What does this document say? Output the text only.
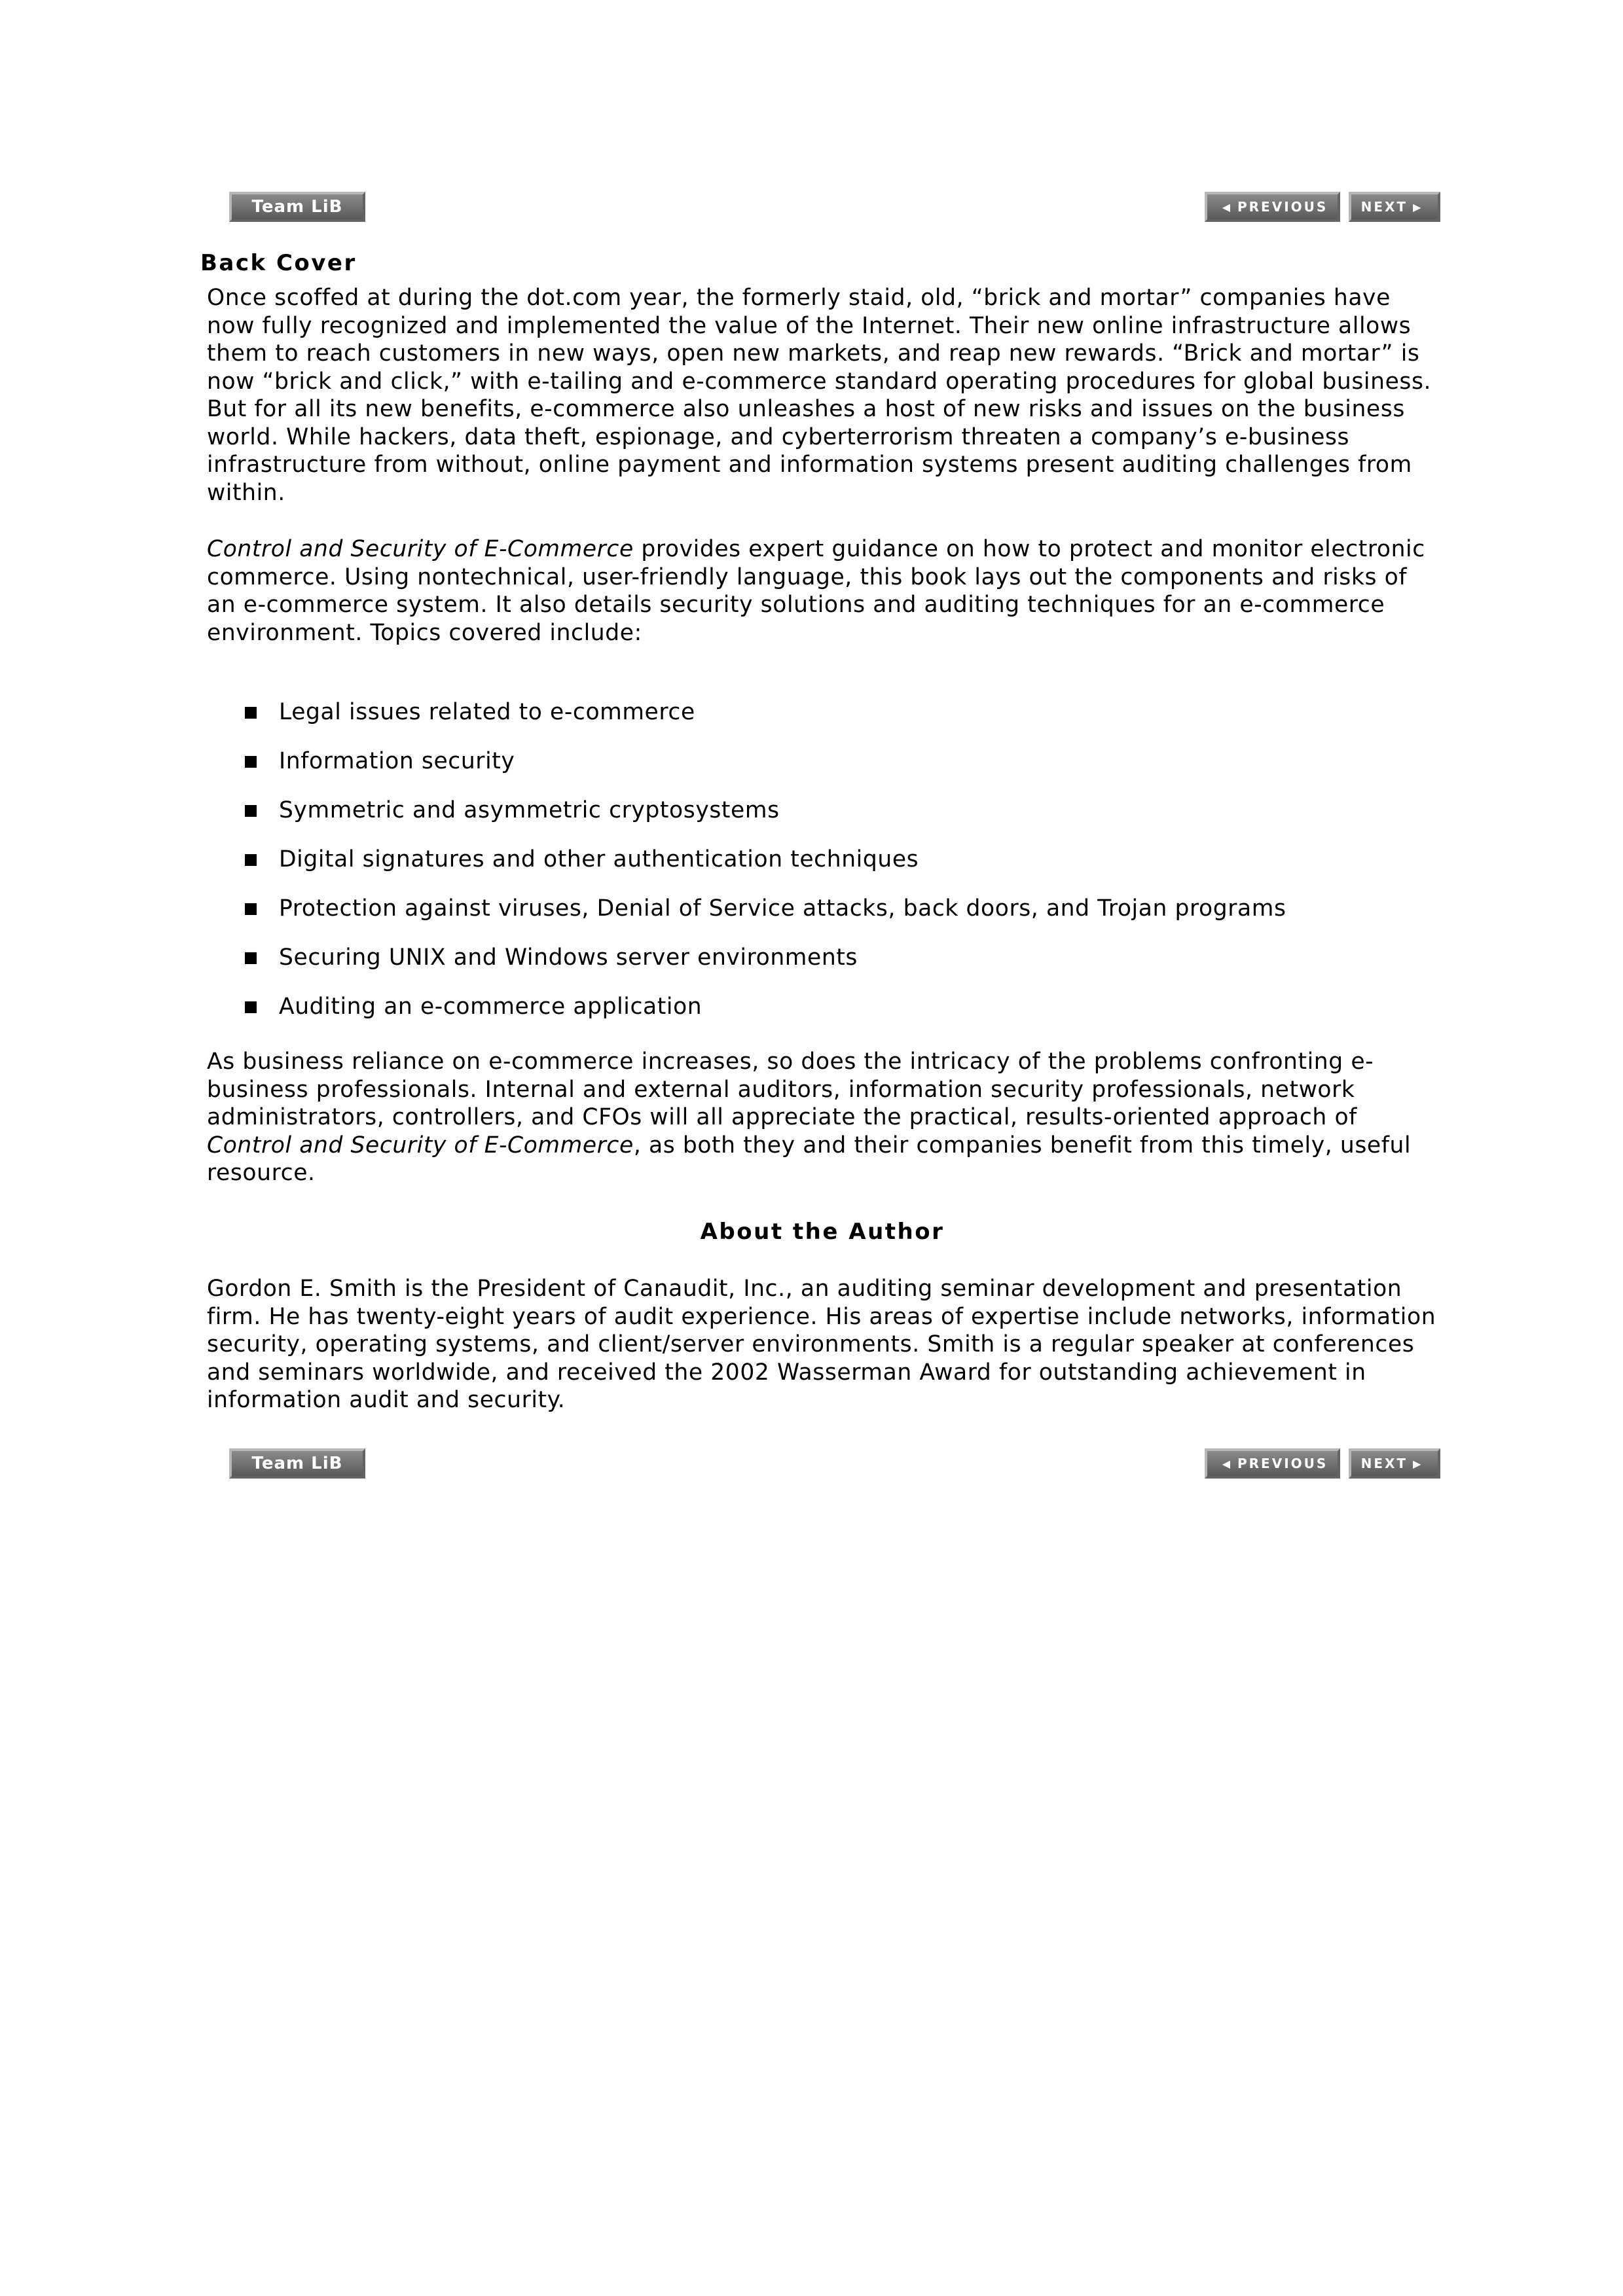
Team LiB	◀ PREVIOUS	NEXT ▶
Back Cover

Once scoffed at during the dot.com year, the formerly staid, old, “brick and mortar” companies have now fully recognized and implemented the value of the Internet. Their new online infrastructure allows them to reach customers in new ways, open new markets, and reap new rewards. “Brick and mortar” is now “brick and click,” with e-tailing and e-commerce standard operating procedures for global business. But for all its new benefits, e-commerce also unleashes a host of new risks and issues on the business world. While hackers, data theft, espionage, and cyberterrorism threaten a company’s e-business infrastructure from without, online payment and information systems present auditing challenges from within.

Control and Security of E-Commerce provides expert guidance on how to protect and monitor electronic commerce. Using nontechnical, user-friendly language, this book lays out the components and risks of an e-commerce system. It also details security solutions and auditing techniques for an e-commerce environment. Topics covered include:

Legal issues related to e-commerce
Information security
Symmetric and asymmetric cryptosystems
Digital signatures and other authentication techniques
Protection against viruses, Denial of Service attacks, back doors, and Trojan programs
Securing UNIX and Windows server environments
Auditing an e-commerce application

As business reliance on e-commerce increases, so does the intricacy of the problems confronting e-business professionals. Internal and external auditors, information security professionals, network administrators, controllers, and CFOs will all appreciate the practical, results-oriented approach of Control and Security of E-Commerce, as both they and their companies benefit from this timely, useful resource.

About the Author

Gordon E. Smith is the President of Canaudit, Inc., an auditing seminar development and presentation firm. He has twenty-eight years of audit experience. His areas of expertise include networks, information security, operating systems, and client/server environments. Smith is a regular speaker at conferences and seminars worldwide, and received the 2002 Wasserman Award for outstanding achievement in information audit and security.

Team LiB	◀ PREVIOUS	NEXT ▶
